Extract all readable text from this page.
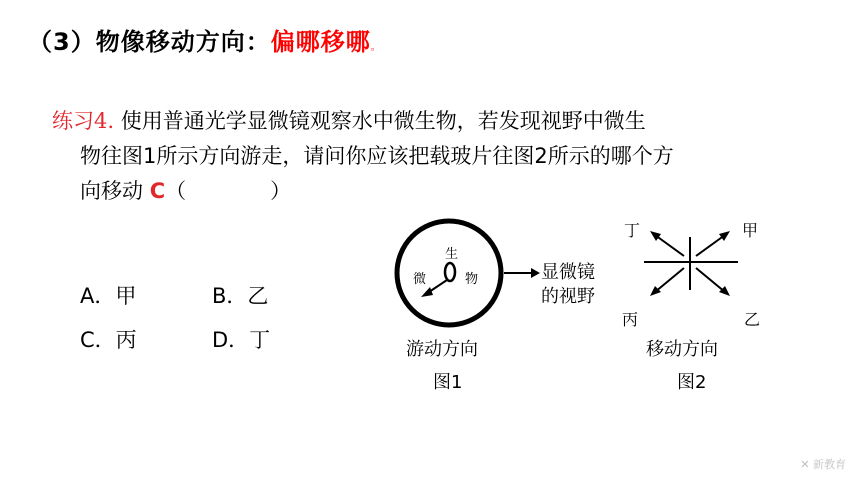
（3）物像移动方向：偏哪移哪。
练习4. 使用普通光学显微镜观察水中微生物，若发现视野中微生
物往图1所示方向游走，请问你应该把载玻片往图2所示的哪个方
向移动 C（　　　　）
A．甲	B．乙
C．丙	D．丁
生
微	物	显微镜
的视野
游动方向
图1
丁	甲
丙	乙
移动方向
图2
✕ 新教育
